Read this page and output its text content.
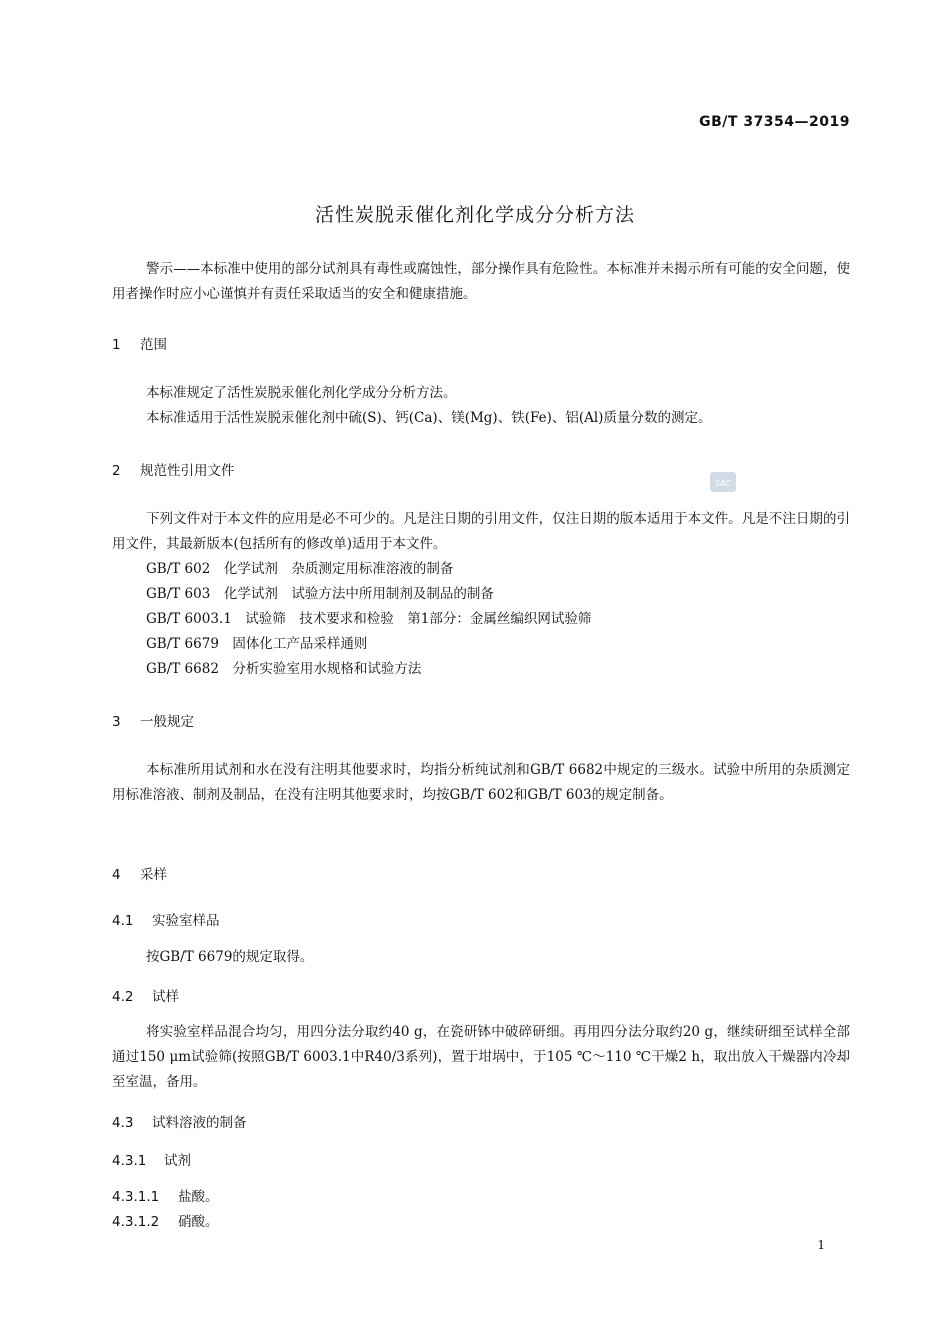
GB/T 37354—2019
活性炭脱汞催化剂化学成分分析方法
警示——本标准中使用的部分试剂具有毒性或腐蚀性，部分操作具有危险性。本标准并未揭示所有可能的安全问题，使用者操作时应小心谨慎并有责任采取适当的安全和健康措施。
1 范围
本标准规定了活性炭脱汞催化剂化学成分分析方法。
本标准适用于活性炭脱汞催化剂中硫(S)、钙(Ca)、镁(Mg)、铁(Fe)、铝(Al)质量分数的测定。
2 规范性引用文件
SAC
下列文件对于本文件的应用是必不可少的。凡是注日期的引用文件，仅注日期的版本适用于本文件。凡是不注日期的引用文件，其最新版本(包括所有的修改单)适用于本文件。
GB/T 602　化学试剂　杂质测定用标准溶液的制备
GB/T 603　化学试剂　试验方法中所用制剂及制品的制备
GB/T 6003.1　试验筛　技术要求和检验　第1部分：金属丝编织网试验筛
GB/T 6679　固体化工产品采样通则
GB/T 6682　分析实验室用水规格和试验方法
3 一般规定
本标准所用试剂和水在没有注明其他要求时，均指分析纯试剂和GB/T 6682中规定的三级水。试验中所用的杂质测定用标准溶液、制剂及制品，在没有注明其他要求时，均按GB/T 602和GB/T 603的规定制备。
4 采样
4.1 实验室样品
按GB/T 6679的规定取得。
4.2 试样
将实验室样品混合均匀，用四分法分取约40 g，在瓷研钵中破碎研细。再用四分法分取约20 g，继续研细至试样全部通过150 μm试验筛(按照GB/T 6003.1中R40/3系列)，置于坩埚中，于105 ℃～110 ℃干燥2 h，取出放入干燥器内冷却至室温，备用。
4.3 试料溶液的制备
4.3.1 试剂
4.3.1.1 盐酸。
4.3.1.2 硝酸。
1
